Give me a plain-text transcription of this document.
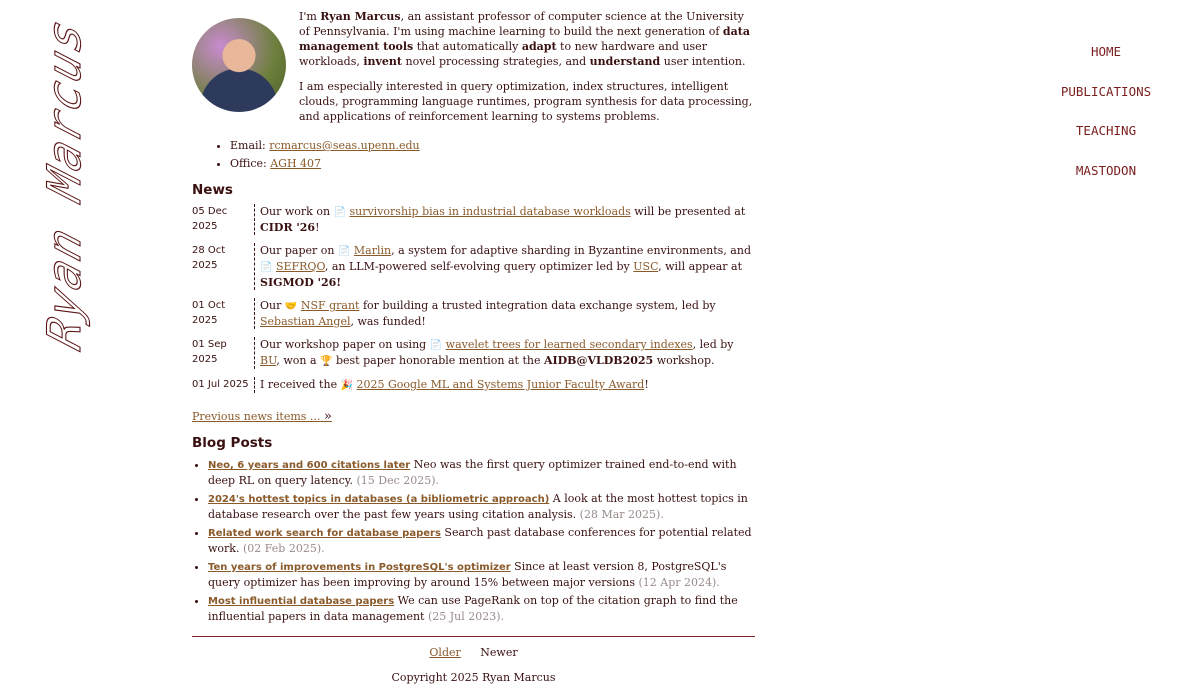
Ryan Marcus	HOME
PUBLICATIONS
TEACHING
MASTODON

I'm Ryan Marcus, an assistant professor of computer science at the University of Pennsylvania. I'm using machine learning to build the next generation of data management tools that automatically adapt to new hardware and user workloads, invent novel processing strategies, and understand user intention.

I am especially interested in query optimization, index structures, intelligent clouds, programming language runtimes, program synthesis for data processing, and applications of reinforcement learning to systems problems.

• Email: rcmarcus@seas.upenn.edu
• Office: AGH 407
News
05 Dec 2025
Our work on 📄 survivorship bias in industrial database workloads will be presented at CIDR '26!
28 Oct 2025
Our paper on 📄 Marlin, a system for adaptive sharding in Byzantine environments, and 📄 SEFRQO, an LLM-powered self-evolving query optimizer led by USC, will appear at SIGMOD '26!
01 Oct 2025
Our 🤝 NSF grant for building a trusted integration data exchange system, led by Sebastian Angel, was funded!
01 Sep 2025
Our workshop paper on using 📄 wavelet trees for learned secondary indexes, led by BU, won a 🏆 best paper honorable mention at the AIDB@VLDB2025 workshop.
01 Jul 2025	I received the 🎉 2025 Google ML and Systems Junior Faculty Award!
Previous news items ... »
Blog Posts
• Neo, 6 years and 600 citations later Neo was the first query optimizer trained end-to-end with deep RL on query latency. (15 Dec 2025).
• 2024's hottest topics in databases (a bibliometric approach) A look at the most hottest topics in database research over the past few years using citation analysis. (28 Mar 2025).
• Related work search for database papers Search past database conferences for potential related work. (02 Feb 2025).
• Ten years of improvements in PostgreSQL's optimizer Since at least version 8, PostgreSQL's query optimizer has been improving by around 15% between major versions (12 Apr 2024).
• Most influential database papers We can use PageRank on top of the citation graph to find the influential papers in data management (25 Jul 2023).
Older Newer
Copyright 2025 Ryan Marcus
